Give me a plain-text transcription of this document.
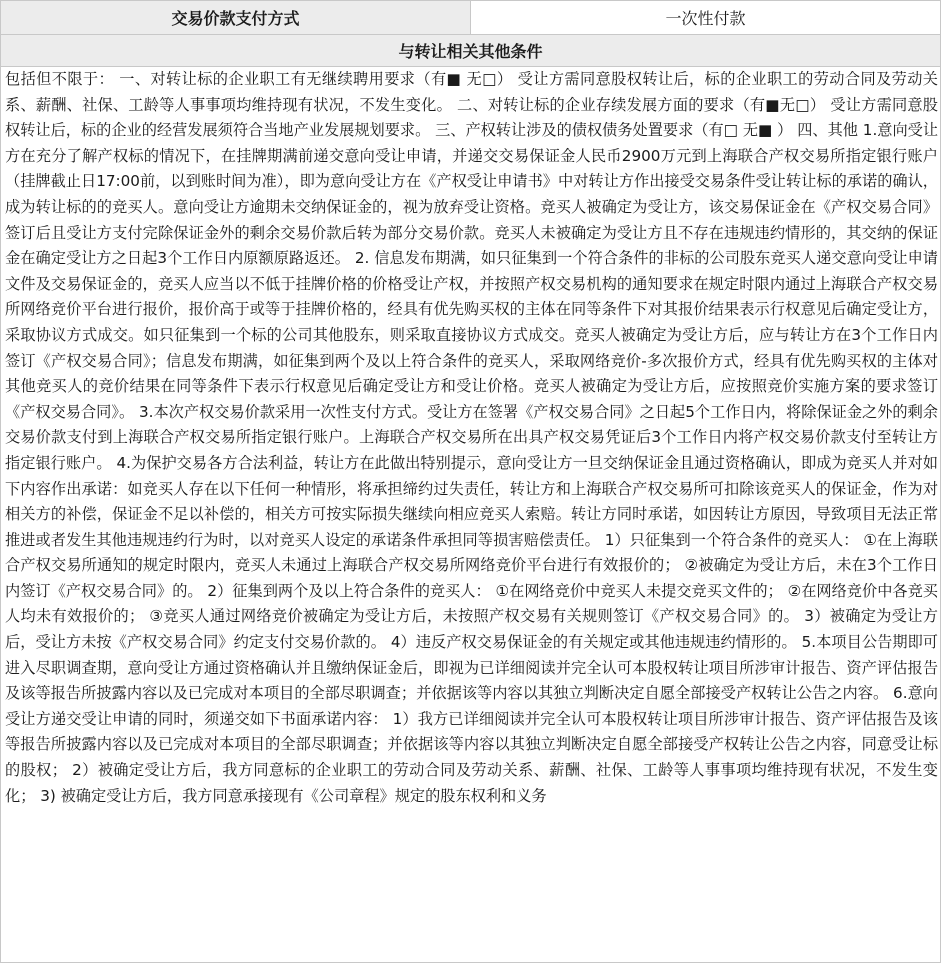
交易价款支付方式	一次性付款
与转让相关其他条件
包括但不限于： 一、对转让标的企业职工有无继续聘用要求（有■ 无□） 受让方需同意股权转让后，标的企业职工的劳动合同及劳动关系、薪酬、社保、工龄等人事事项均维持现有状况，不发生变化。 二、对转让标的企业存续发展方面的要求（有■无□） 受让方需同意股权转让后，标的企业的经营发展须符合当地产业发展规划要求。 三、产权转让涉及的债权债务处置要求（有□ 无■ ） 四、其他 1.意向受让方在充分了解产权标的情况下，在挂牌期满前递交意向受让申请，并递交交易保证金人民币2900万元到上海联合产权交易所指定银行账户（挂牌截止日17:00前，以到账时间为准），即为意向受让方在《产权受让申请书》中对转让方作出接受交易条件受让转让标的承诺的确认，成为转让标的的竞买人。意向受让方逾期未交纳保证金的，视为放弃受让资格。竞买人被确定为受让方，该交易保证金在《产权交易合同》签订后且受让方支付完除保证金外的剩余交易价款后转为部分交易价款。竞买人未被确定为受让方且不存在违规违约情形的，其交纳的保证金在确定受让方之日起3个工作日内原额原路返还。 2. 信息发布期满，如只征集到一个符合条件的非标的公司股东竞买人递交意向受让申请文件及交易保证金的，竞买人应当以不低于挂牌价格的价格受让产权，并按照产权交易机构的通知要求在规定时限内通过上海联合产权交易所网络竞价平台进行报价，报价高于或等于挂牌价格的，经具有优先购买权的主体在同等条件下对其报价结果表示行权意见后确定受让方，采取协议方式成交。如只征集到一个标的公司其他股东，则采取直接协议方式成交。竞买人被确定为受让方后，应与转让方在3个工作日内签订《产权交易合同》；信息发布期满，如征集到两个及以上符合条件的竞买人，采取网络竞价-多次报价方式，经具有优先购买权的主体对其他竞买人的竞价结果在同等条件下表示行权意见后确定受让方和受让价格。竞买人被确定为受让方后，应按照竞价实施方案的要求签订《产权交易合同》。 3.本次产权交易价款采用一次性支付方式。受让方在签署《产权交易合同》之日起5个工作日内，将除保证金之外的剩余交易价款支付到上海联合产权交易所指定银行账户。上海联合产权交易所在出具产权交易凭证后3个工作日内将产权交易价款支付至转让方指定银行账户。 4.为保护交易各方合法利益，转让方在此做出特别提示，意向受让方一旦交纳保证金且通过资格确认，即成为竞买人并对如下内容作出承诺：如竞买人存在以下任何一种情形，将承担缔约过失责任，转让方和上海联合产权交易所可扣除该竞买人的保证金，作为对相关方的补偿，保证金不足以补偿的，相关方可按实际损失继续向相应竞买人索赔。转让方同时承诺，如因转让方原因，导致项目无法正常推进或者发生其他违规违约行为时，以对竞买人设定的承诺条件承担同等损害赔偿责任。 1）只征集到一个符合条件的竞买人： ①在上海联合产权交易所通知的规定时限内，竞买人未通过上海联合产权交易所网络竞价平台进行有效报价的； ②被确定为受让方后，未在3个工作日内签订《产权交易合同》的。 2）征集到两个及以上符合条件的竞买人： ①在网络竞价中竞买人未提交竞买文件的； ②在网络竞价中各竞买人均未有效报价的； ③竞买人通过网络竞价被确定为受让方后，未按照产权交易有关规则签订《产权交易合同》的。 3）被确定为受让方后，受让方未按《产权交易合同》约定支付交易价款的。 4）违反产权交易保证金的有关规定或其他违规违约情形的。 5.本项目公告期即可进入尽职调查期，意向受让方通过资格确认并且缴纳保证金后，即视为已详细阅读并完全认可本股权转让项目所涉审计报告、资产评估报告及该等报告所披露内容以及已完成对本项目的全部尽职调查；并依据该等内容以其独立判断决定自愿全部接受产权转让公告之内容。 6.意向受让方递交受让申请的同时，须递交如下书面承诺内容： 1）我方已详细阅读并完全认可本股权转让项目所涉审计报告、资产评估报告及该等报告所披露内容以及已完成对本项目的全部尽职调查；并依据该等内容以其独立判断决定自愿全部接受产权转让公告之内容，同意受让标的股权； 2）被确定受让方后，我方同意标的企业职工的劳动合同及劳动关系、薪酬、社保、工龄等人事事项均维持现有状况，不发生变化； 3) 被确定受让方后，我方同意承接现有《公司章程》规定的股东权利和义务
